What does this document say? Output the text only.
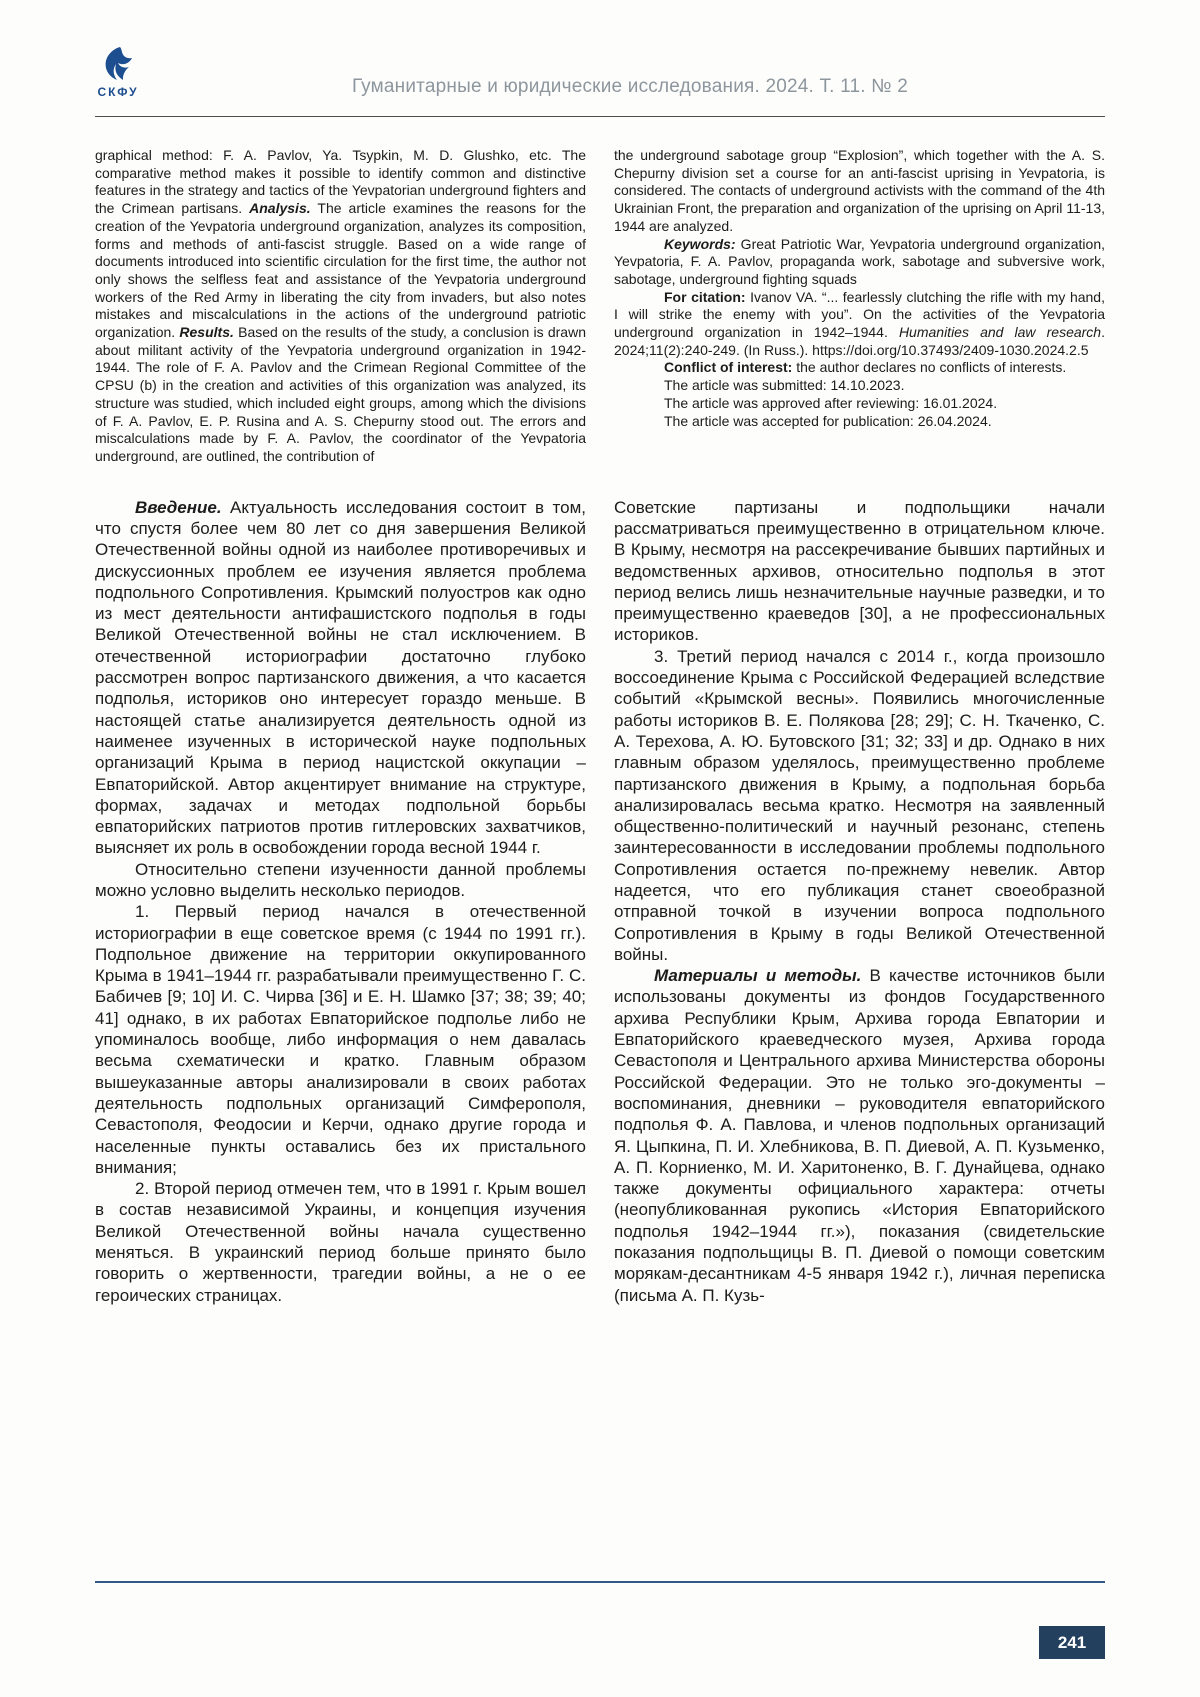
СКФУ	Гуманитарные и юридические исследования. 2024. Т. 11. № 2

graphical method: F. A. Pavlov, Ya. Tsypkin, M. D. Glushko, etc. The comparative method makes it possible to identify common and distinctive features in the strategy and tactics of the Yevpatorian underground fighters and the Crimean partisans. Analysis. The article examines the reasons for the creation of the Yevpatoria underground organization, analyzes its composition, forms and methods of anti-fascist struggle. Based on a wide range of documents introduced into scientific circulation for the first time, the author not only shows the selfless feat and assistance of the Yevpatoria underground workers of the Red Army in liberating the city from invaders, but also notes mistakes and miscalculations in the actions of the underground patriotic organization. Results. Based on the results of the study, a conclusion is drawn about militant activity of the Yevpatoria underground organization in 1942-1944. The role of F. A. Pavlov and the Crimean Regional Committee of the CPSU (b) in the creation and activities of this organization was analyzed, its structure was studied, which included eight groups, among which the divisions of F. A. Pavlov, E. P. Rusina and A. S. Chepurny stood out. The errors and miscalculations made by F. A. Pavlov, the coordinator of the Yevpatoria underground, are outlined, the contribution of

the underground sabotage group “Explosion”, which together with the A. S. Chepurny division set a course for an anti-fascist uprising in Yevpatoria, is considered. The contacts of underground activists with the command of the 4th Ukrainian Front, the preparation and organization of the uprising on April 11-13, 1944 are analyzed.

Keywords: Great Patriotic War, Yevpatoria underground organization, Yevpatoria, F. A. Pavlov, propaganda work, sabotage and subversive work, sabotage, underground fighting squads

For citation: Ivanov VA. “... fearlessly clutching the rifle with my hand, I will strike the enemy with you”. On the activities of the Yevpatoria underground organization in 1942–1944. Humanities and law research. 2024;11(2):240-249. (In Russ.). https://doi.org/10.37493/2409-1030.2024.2.5

Conflict of interest: the author declares no conflicts of interests.

The article was submitted: 14.10.2023.
The article was approved after reviewing: 16.01.2024.
The article was accepted for publication: 26.04.2024.

Введение. Актуальность исследования состоит в том, что спустя более чем 80 лет со дня завершения Великой Отечественной войны одной из наиболее противоречивых и дискуссионных проблем ее изучения является проблема подпольного Сопротивления. Крымский полуостров как одно из мест деятельности антифашистского подполья в годы Великой Отечественной войны не стал исключением. В отечественной историографии достаточно глубоко рассмотрен вопрос партизанского движения, а что касается подполья, историков оно интересует гораздо меньше. В настоящей статье анализируется деятельность одной из наименее изученных в исторической науке подпольных организаций Крыма в период нацистской оккупации – Евпаторийской. Автор акцентирует внимание на структуре, формах, задачах и методах подпольной борьбы евпаторийских патриотов против гитлеровских захватчиков, выясняет их роль в освобождении города весной 1944 г.

Относительно степени изученности данной проблемы можно условно выделить несколько периодов.

1. Первый период начался в отечественной историографии в еще советское время (с 1944 по 1991 гг.). Подпольное движение на территории оккупированного Крыма в 1941–1944 гг. разрабатывали преимущественно Г. С. Бабичев [9; 10] И. С. Чирва [36] и Е. Н. Шамко [37; 38; 39; 40; 41] однако, в их работах Евпаторийское подполье либо не упоминалось вообще, либо информация о нем давалась весьма схематически и кратко. Главным образом вышеуказанные авторы анализировали в своих работах деятельность подпольных организаций Симферополя, Севастополя, Феодосии и Керчи, однако другие города и населенные пункты оставались без их пристального внимания;

2. Второй период отмечен тем, что в 1991 г. Крым вошел в состав независимой Украины, и концепция изучения Великой Отечественной войны начала существенно меняться. В украинский период больше принято было говорить о жертвенности, трагедии войны, а не о ее героических страницах.

Советские партизаны и подпольщики начали рассматриваться преимущественно в отрицательном ключе. В Крыму, несмотря на рассекречивание бывших партийных и ведомственных архивов, относительно подполья в этот период велись лишь незначительные научные разведки, и то преимущественно краеведов [30], а не профессиональных историков.

3. Третий период начался с 2014 г., когда произошло воссоединение Крыма с Российской Федерацией вследствие событий «Крымской весны». Появились многочисленные работы историков В. Е. Полякова [28; 29]; С. Н. Ткаченко, С. А. Терехова, А. Ю. Бутовского [31; 32; 33] и др. Однако в них главным образом уделялось, преимущественно проблеме партизанского движения в Крыму, а подпольная борьба анализировалась весьма кратко. Несмотря на заявленный общественно-политический и научный резонанс, степень заинтересованности в исследовании проблемы подпольного Сопротивления остается по-прежнему невелик. Автор надеется, что его публикация станет своеобразной отправной точкой в изучении вопроса подпольного Сопротивления в Крыму в годы Великой Отечественной войны.

Материалы и методы. В качестве источников были использованы документы из фондов Государственного архива Республики Крым, Архива города Евпатории и Евпаторийского краеведческого музея, Архива города Севастополя и Центрального архива Министерства обороны Российской Федерации. Это не только эго-документы – воспоминания, дневники – руководителя евпаторийского подполья Ф. А. Павлова, и членов подпольных организаций Я. Цыпкина, П. И. Хлебникова, В. П. Диевой, А. П. Кузьменко, А. П. Корниенко, М. И. Харитоненко, В. Г. Дунайцева, однако также документы официального характера: отчеты (неопубликованная рукопись «История Евпаторийского подполья 1942–1944 гг.»), показания (свидетельские показания подпольщицы В. П. Диевой о помощи советским морякам-десантникам 4-5 января 1942 г.), личная переписка (письма А. П. Кузь-

241
